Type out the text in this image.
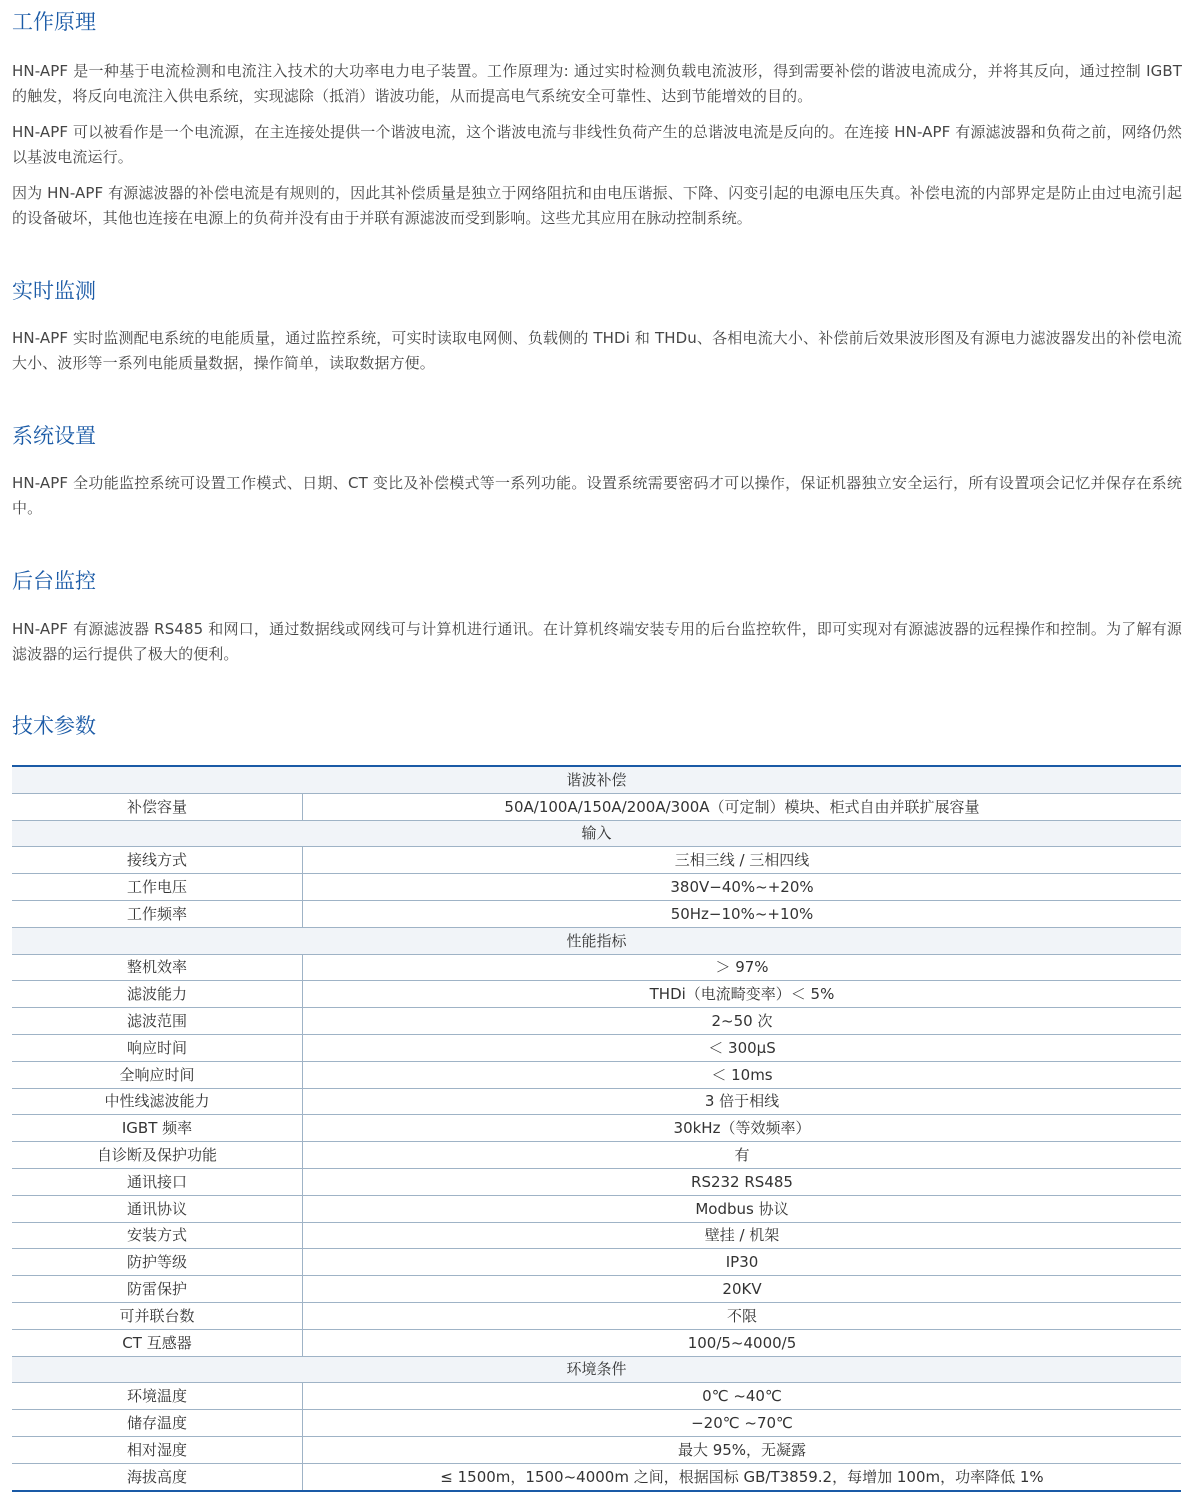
工作原理

HN-APF 是一种基于电流检测和电流注入技术的大功率电力电子装置。工作原理为: 通过实时检测负载电流波形，得到需要补偿的谐波电流成分，并将其反向，通过控制 IGBT 的触发，将反向电流注入供电系统，实现滤除（抵消）谐波功能，从而提高电气系统安全可靠性、达到节能增效的目的。

HN-APF 可以被看作是一个电流源，在主连接处提供一个谐波电流，这个谐波电流与非线性负荷产生的总谐波电流是反向的。在连接 HN-APF 有源滤波器和负荷之前，网络仍然以基波电流运行。

因为 HN-APF 有源滤波器的补偿电流是有规则的，因此其补偿质量是独立于网络阻抗和由电压谐振、下降、闪变引起的电源电压失真。补偿电流的内部界定是防止由过电流引起的设备破坏，其他也连接在电源上的负荷并没有由于并联有源滤波而受到影响。这些尤其应用在脉动控制系统。

实时监测

HN-APF 实时监测配电系统的电能质量，通过监控系统，可实时读取电网侧、负载侧的 THDi 和 THDu、各相电流大小、补偿前后效果波形图及有源电力滤波器发出的补偿电流大小、波形等一系列电能质量数据，操作简单，读取数据方便。

系统设置

HN-APF 全功能监控系统可设置工作模式、日期、CT 变比及补偿模式等一系列功能。设置系统需要密码才可以操作，保证机器独立安全运行，所有设置项会记忆并保存在系统中。

后台监控

HN-APF 有源滤波器 RS485 和网口，通过数据线或网线可与计算机进行通讯。在计算机终端安装专用的后台监控软件，即可实现对有源滤波器的远程操作和控制。为了解有源滤波器的运行提供了极大的便利。

技术参数
谐波补偿	
补偿容量	50A/100A/150A/200A/300A（可定制）模块、柜式自由并联扩展容量
输入	
接线方式	三相三线 / 三相四线
工作电压	380V−40%~+20%
工作频率	50Hz−10%~+10%
性能指标	
整机效率	＞ 97%
滤波能力	THDi（电流畸变率）＜ 5%
滤波范围	2~50 次
响应时间	＜ 300μS
全响应时间	＜ 10ms
中性线滤波能力	3 倍于相线
IGBT 频率	30kHz（等效频率）
自诊断及保护功能	有
通讯接口	RS232 RS485
通讯协议	Modbus 协议
安装方式	壁挂 / 机架
防护等级	IP30
防雷保护	20KV
可并联台数	不限
CT 互感器	100/5~4000/5
环境条件	
环境温度	0℃ ~40℃
储存温度	−20℃ ~70℃
相对湿度	最大 95%，无凝露
海拔高度	≤ 1500m，1500~4000m 之间，根据国标 GB/T3859.2，每增加 100m，功率降低 1%
